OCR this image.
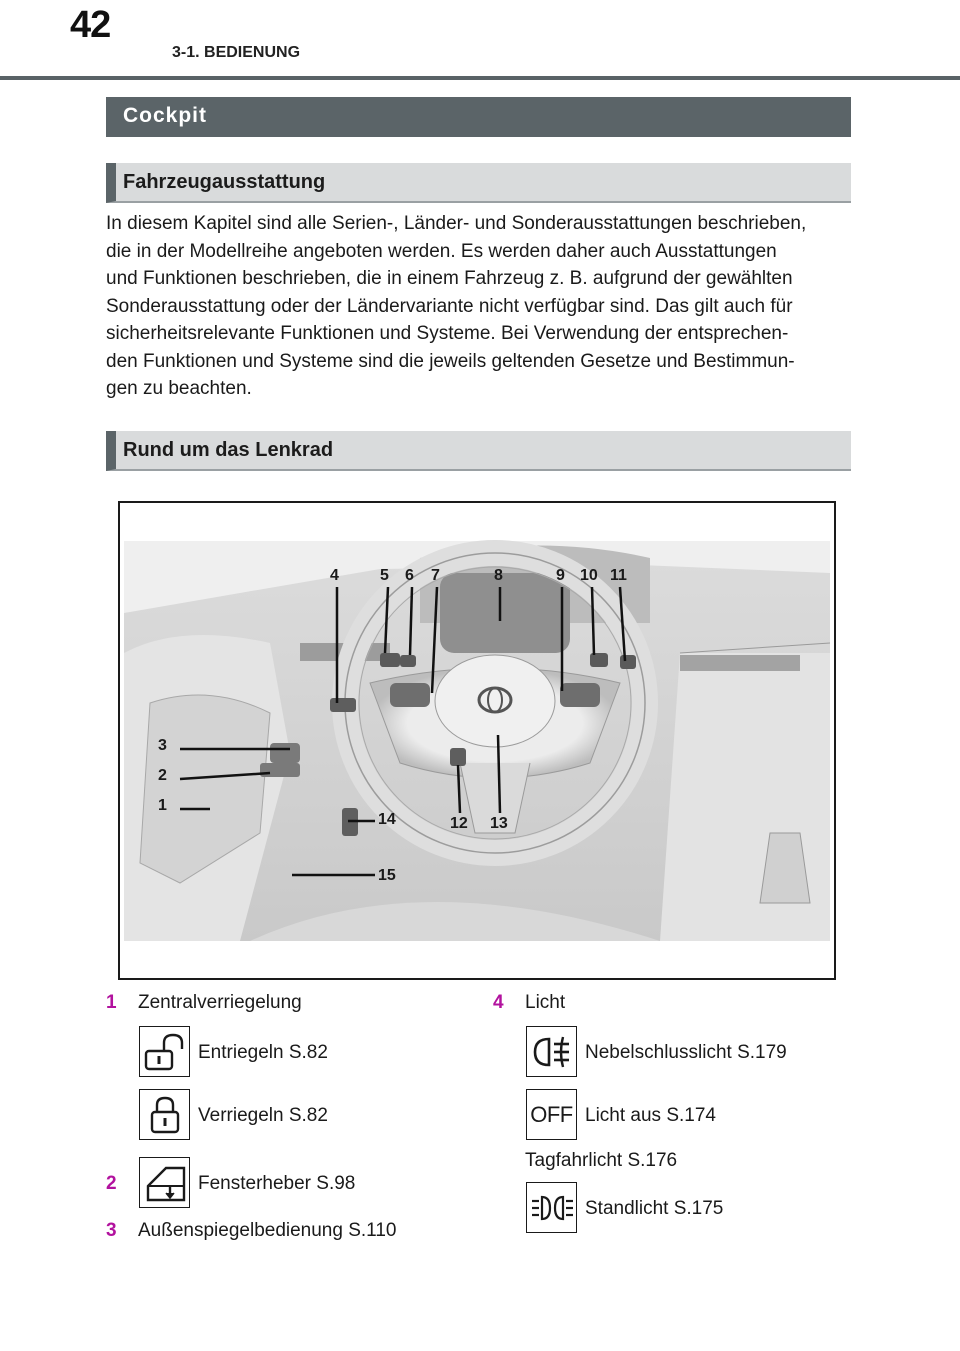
42
3-1. BEDIENUNG
Cockpit
Fahrzeugausstattung

In diesem Kapitel sind alle Serien-, Länder- und Sonderausstattungen beschrieben,

die in der Modellreihe angeboten werden. Es werden daher auch Ausstattungen

und Funktionen beschrieben, die in einem Fahrzeug z. B. aufgrund der gewählten

Sonderausstattung oder der Ländervariante nicht verfügbar sind. Das gilt auch für

sicherheitsrelevante Funktionen und Systeme. Bei Verwendung der entsprechen-

den Funktionen und Systeme sind die jeweils geltenden Gesetze und Bestimmun-

gen zu beachten.

Rund um das Lenkrad
1
2
3
4	5 6 7	8	9 10 11
12 13
14
15
1 Zentralverriegelung
Entriegeln S.82
Verriegeln S.82
2	Fensterheber S.98
3 Außenspiegelbedienung S.110
4 Licht
Nebelschlusslicht S.179
OFF Licht aus S.174
Tagfahrlicht S.176
Standlicht S.175
